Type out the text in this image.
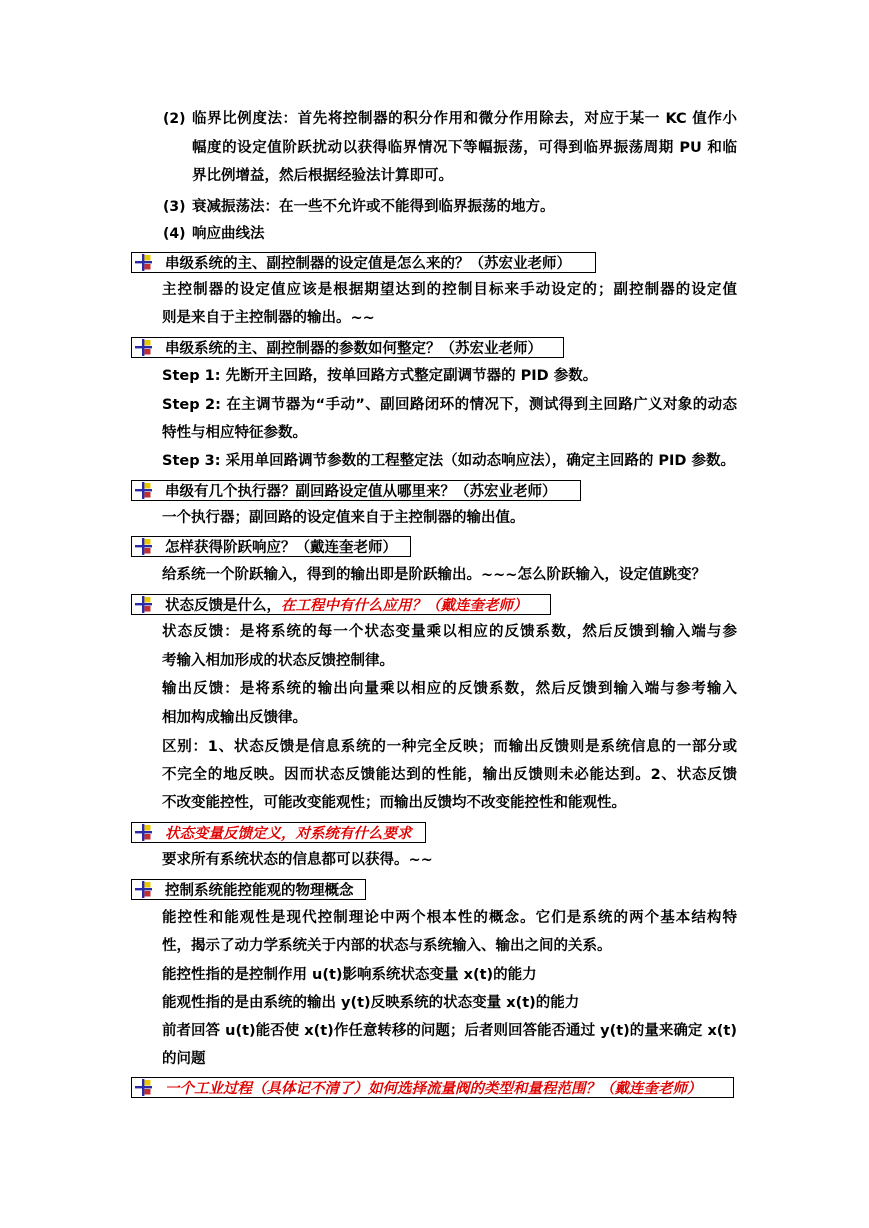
(2) 临界比例度法：首先将控制器的积分作用和微分作用除去，对应于某一 KC 值作小
幅度的设定值阶跃扰动以获得临界情况下等幅振荡，可得到临界振荡周期 PU 和临
界比例增益，然后根据经验法计算即可。
(3) 衰减振荡法：在一些不允许或不能得到临界振荡的地方。
(4) 响应曲线法
串级系统的主、副控制器的设定值是怎么来的？（苏宏业老师）
主控制器的设定值应该是根据期望达到的控制目标来手动设定的；副控制器的设定值
则是来自于主控制器的输出。~~
串级系统的主、副控制器的参数如何整定？（苏宏业老师）
Step 1: 先断开主回路，按单回路方式整定副调节器的 PID 参数。
Step 2: 在主调节器为“手动”、副回路闭环的情况下，测试得到主回路广义对象的动态
特性与相应特征参数。
Step 3: 采用单回路调节参数的工程整定法（如动态响应法），确定主回路的 PID 参数。
串级有几个执行器？副回路设定值从哪里来？（苏宏业老师）
一个执行器；副回路的设定值来自于主控制器的输出值。
怎样获得阶跃响应？（戴连奎老师）
给系统一个阶跃输入，得到的输出即是阶跃输出。~~~怎么阶跃输入，设定值跳变？
状态反馈是什么， 在工程中有什么应用？（戴连奎老师）
状态反馈：是将系统的每一个状态变量乘以相应的反馈系数，然后反馈到输入端与参
考输入相加形成的状态反馈控制律。
输出反馈：是将系统的输出向量乘以相应的反馈系数，然后反馈到输入端与参考输入
相加构成输出反馈律。
区别：1、状态反馈是信息系统的一种完全反映；而输出反馈则是系统信息的一部分或
不完全的地反映。因而状态反馈能达到的性能，输出反馈则未必能达到。2、状态反馈
不改变能控性，可能改变能观性；而输出反馈均不改变能控性和能观性。
状态变量反馈定义，对系统有什么要求
要求所有系统状态的信息都可以获得。~~
控制系统能控能观的物理概念
能控性和能观性是现代控制理论中两个根本性的概念。它们是系统的两个基本结构特
性，揭示了动力学系统关于内部的状态与系统输入、输出之间的关系。
能控性指的是控制作用 u(t)影响系统状态变量 x(t)的能力
能观性指的是由系统的输出 y(t)反映系统的状态变量 x(t)的能力
前者回答 u(t)能否使 x(t)作任意转移的问题；后者则回答能否通过 y(t)的量来确定 x(t)
的问题
一个工业过程（具体记不清了）如何选择流量阀的类型和量程范围？（戴连奎老师）
